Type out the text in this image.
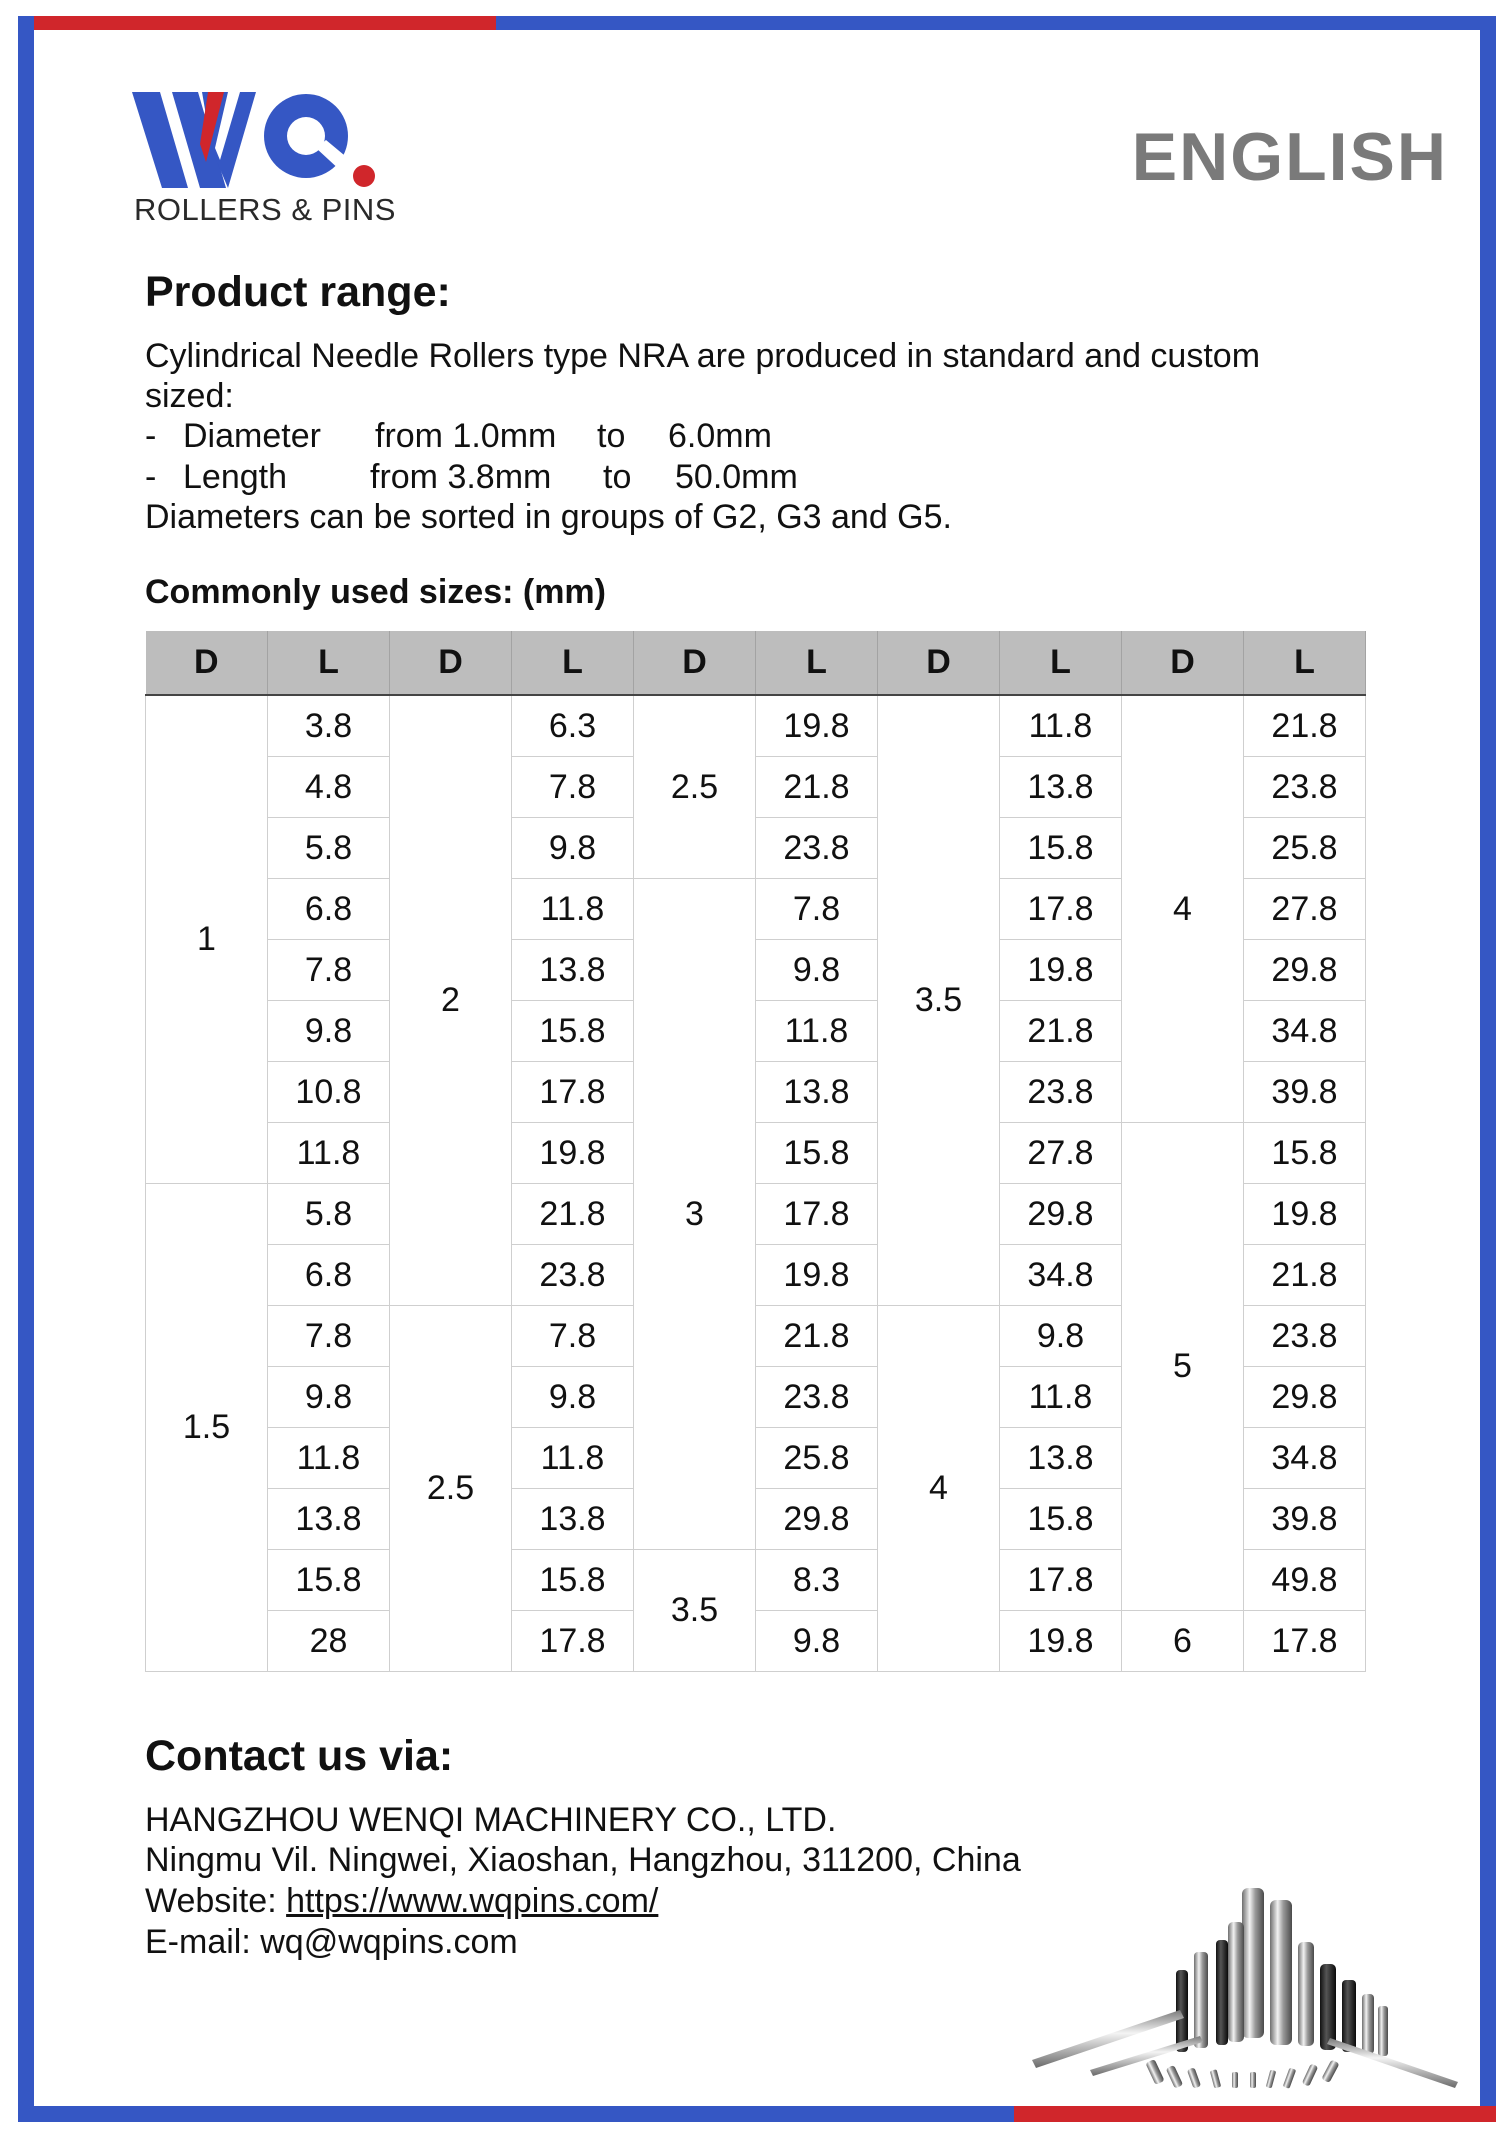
ROLLERS & PINS
ENGLISH
Product range:

Cylindrical Needle Rollers type NRA are produced in standard and custom

sized:

- Diameter from 1.0mm to 6.0mm
- Length from 3.8mm to 50.0mm

Diameters can be sorted in groups of G2, G3 and G5.

Commonly used sizes: (mm)
D	L	D	L	D	L	D	L	D	L
1	3.8	2	6.3	2.5	19.8	3.5	11.8	4	21.8
	4.8		7.8		21.8		13.8		23.8
	5.8		9.8		23.8		15.8		25.8
	6.8		11.8	3	7.8		17.8		27.8
	7.8		13.8		9.8		19.8		29.8
	9.8		15.8		11.8		21.8		34.8
	10.8		17.8		13.8		23.8		39.8
	11.8		19.8		15.8		27.8	5	15.8
1.5	5.8		21.8		17.8		29.8		19.8
	6.8		23.8		19.8		34.8		21.8
	7.8	2.5	7.8		21.8	4	9.8		23.8
	9.8		9.8		23.8		11.8		29.8
	11.8		11.8		25.8		13.8		34.8
	13.8		13.8		29.8		15.8		39.8
	15.8		15.8	3.5	8.3		17.8		49.8
	28		17.8		9.8		19.8	6	17.8
Contact us via:
HANGZHOU WENQI MACHINERY CO., LTD.
Ningmu Vil. Ningwei, Xiaoshan, Hangzhou, 311200, China
Website: https://www.wqpins.com/
E-mail: wq@wqpins.com
